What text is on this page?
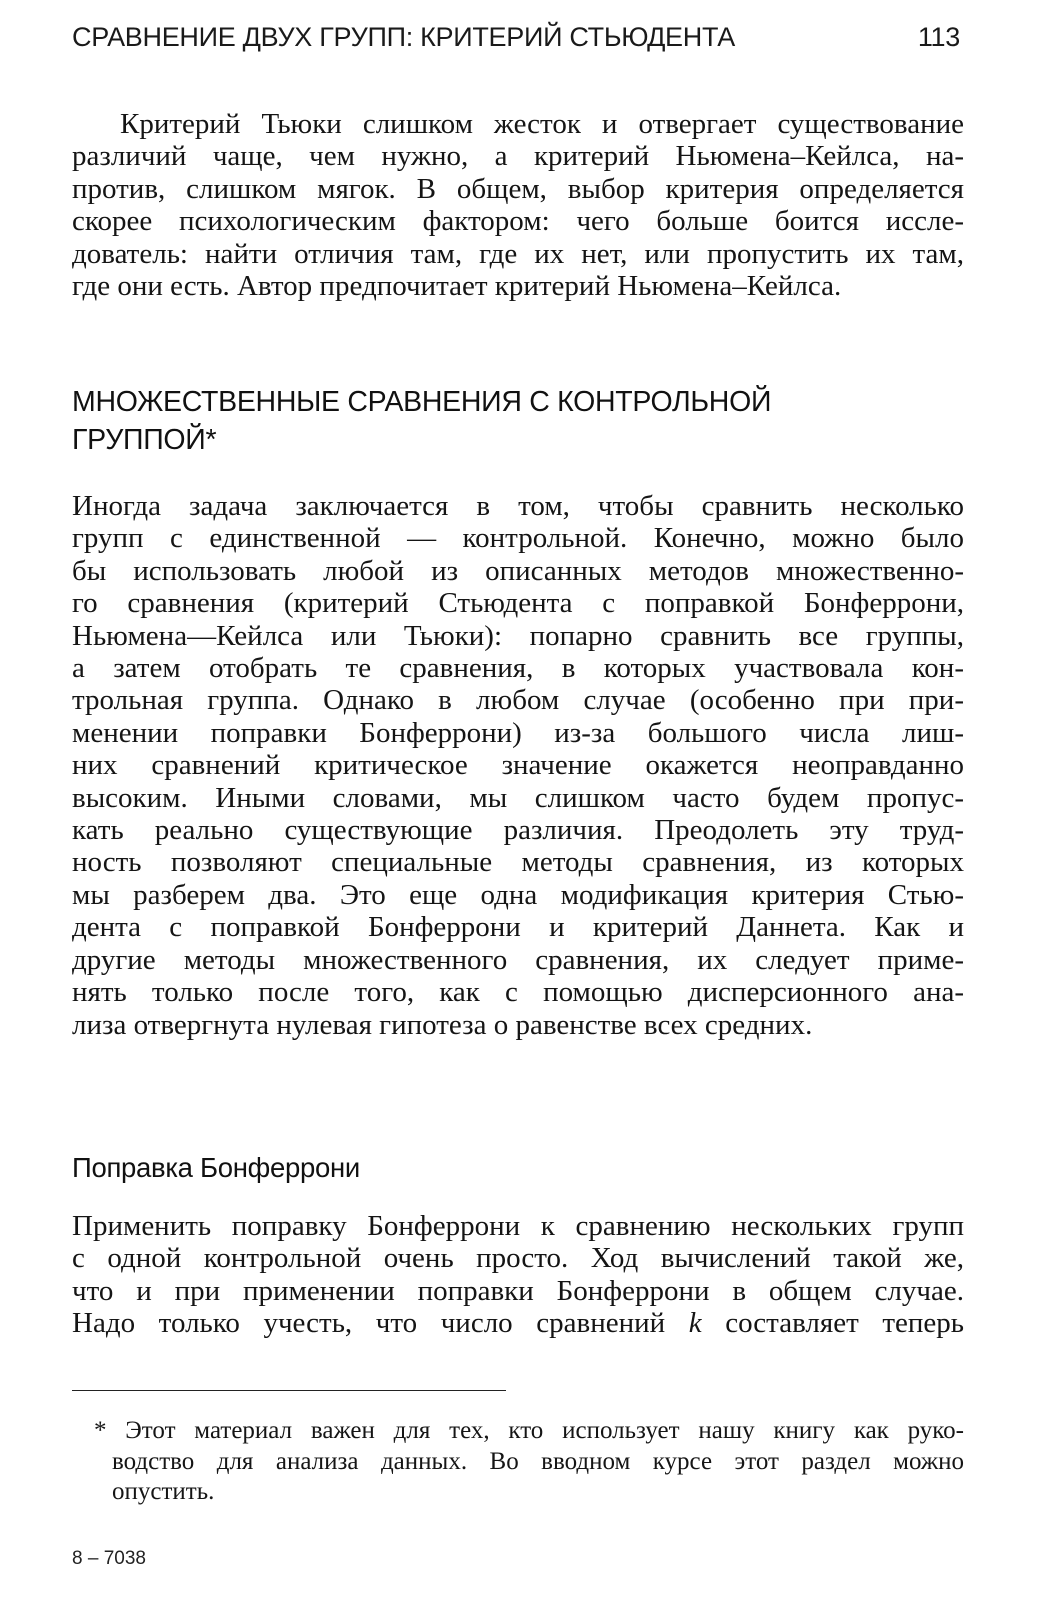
СРАВНЕНИЕ ДВУХ ГРУПП: КРИТЕРИЙ СТЬЮДЕНТА	113

Критерий Тьюки слишком жесток и отвергает существование
различий чаще, чем нужно, а критерий Ньюмена–Кейлса, на-
против, слишком мягок. В общем, выбор критерия определяется
скорее психологическим фактором: чего больше боится иссле-
дователь: найти отличия там, где их нет, или пропустить их там,
где они есть. Автор предпочитает критерий Ньюмена–Кейлса.

МНОЖЕСТВЕННЫЕ СРАВНЕНИЯ С КОНТРОЛЬНОЙ
ГРУППОЙ*

Иногда задача заключается в том, чтобы сравнить несколько
групп с единственной — контрольной. Конечно, можно было
бы использовать любой из описанных методов множественно-
го сравнения (критерий Стьюдента с поправкой Бонферрони,
Ньюмена—Кейлса или Тьюки): попарно сравнить все группы,
а затем отобрать те сравнения, в которых участвовала кон-
трольная группа. Однако в любом случае (особенно при при-
менении поправки Бонферрони) из-за большого числа лиш-
них сравнений критическое значение окажется неоправданно
высоким. Иными словами, мы слишком часто будем пропус-
кать реально существующие различия. Преодолеть эту труд-
ность позволяют специальные методы сравнения, из которых
мы разберем два. Это еще одна модификация критерия Стью-
дента с поправкой Бонферрони и критерий Даннета. Как и
другие методы множественного сравнения, их следует приме-
нять только после того, как с помощью дисперсионного ана-
лиза отвергнута нулевая гипотеза о равенстве всех средних.

Поправка Бонферрони

Применить поправку Бонферрони к сравнению нескольких групп
с одной контрольной очень просто. Ход вычислений такой же,
что и при применении поправки Бонферрони в общем случае.
Надо только учесть, что число сравнений k составляет теперь

* Этот материал важен для тех, кто использует нашу книгу как руко-
водство для анализа данных. Во вводном курсе этот раздел можно
опустить.

8 – 7038
